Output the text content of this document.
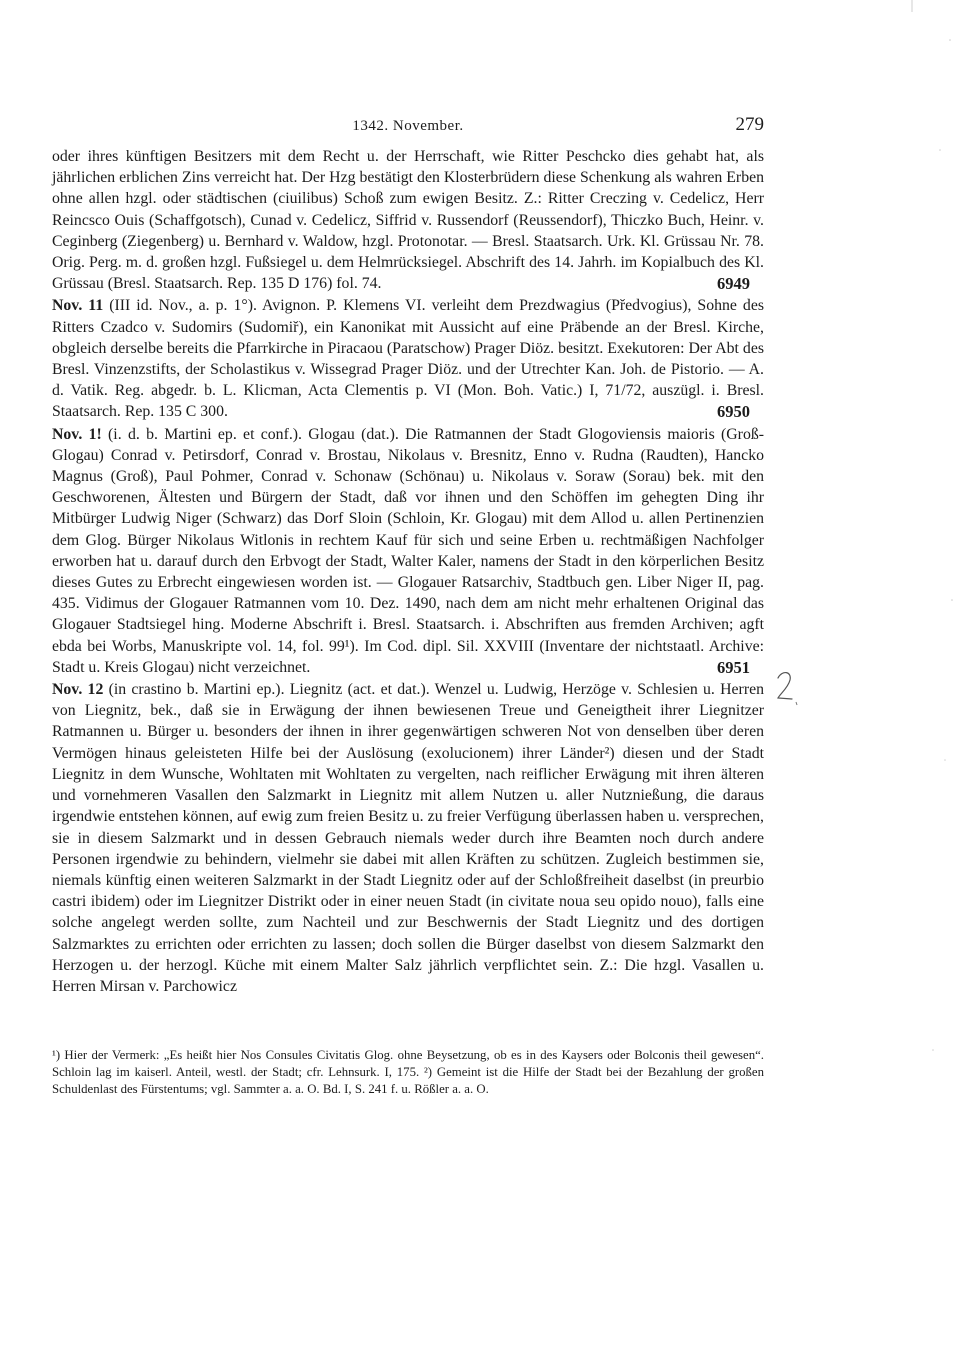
1342. November.	279

oder ihres künftigen Besitzers mit dem Recht u. der Herrschaft, wie Ritter Peschcko dies gehabt hat, als jährlichen erblichen Zins verreicht hat. Der Hzg bestätigt den Klosterbrüdern diese Schenkung als wahren Erben ohne allen hzgl. oder städtischen (ciuilibus) Schoß zum ewigen Besitz. Z.: Ritter Creczing v. Cedelicz, Herr Reincsco Ouis (Schaffgotsch), Cunad v. Cedelicz, Siffrid v. Russendorf (Reussendorf), Thiczko Buch, Heinr. v. Ceginberg (Ziegenberg) u. Bernhard v. Waldow, hzgl. Protonotar. — Bresl. Staatsarch. Urk. Kl. Grüssau Nr. 78. Orig. Perg. m. d. großen hzgl. Fußsiegel u. dem Helmrücksiegel. Abschrift des 14. Jahrh. im Kopialbuch des Kl. Grüssau (Bresl. Staatsarch. Rep. 135 D 176) fol. 74.	6949

Nov. 11 (III id. Nov., a. p. 1°). Avignon. P. Klemens VI. verleiht dem Prezdwagius (Předvogius), Sohne des Ritters Czadco v. Sudomirs (Sudomiř), ein Kanonikat mit Aussicht auf eine Präbende an der Bresl. Kirche, obgleich derselbe bereits die Pfarrkirche in Piracaou (Paratschow) Prager Diöz. besitzt. Exekutoren: Der Abt des Bresl. Vinzenzstifts, der Scholastikus v. Wissegrad Prager Diöz. und der Utrechter Kan. Joh. de Pistorio. — A. d. Vatik. Reg. abgedr. b. L. Klicman, Acta Clementis p. VI (Mon. Boh. Vatic.) I, 71/72, auszügl. i. Bresl. Staatsarch. Rep. 135 C 300.	6950

Nov. 1! (i. d. b. Martini ep. et conf.). Glogau (dat.). Die Ratmannen der Stadt Glogoviensis maioris (Groß-Glogau) Conrad v. Petirsdorf, Conrad v. Brostau, Nikolaus v. Bresnitz, Enno v. Rudna (Raudten), Hancko Magnus (Groß), Paul Pohmer, Conrad v. Schonaw (Schönau) u. Nikolaus v. Soraw (Sorau) bek. mit den Geschworenen, Ältesten und Bürgern der Stadt, daß vor ihnen und den Schöffen im gehegten Ding ihr Mitbürger Ludwig Niger (Schwarz) das Dorf Sloin (Schloin, Kr. Glogau) mit dem Allod u. allen Pertinenzien dem Glog. Bürger Nikolaus Witlonis in rechtem Kauf für sich und seine Erben u. rechtmäßigen Nachfolger erworben hat u. darauf durch den Erbvogt der Stadt, Walter Kaler, namens der Stadt in den körperlichen Besitz dieses Gutes zu Erbrecht eingewiesen worden ist. — Glogauer Ratsarchiv, Stadtbuch gen. Liber Niger II, pag. 435. Vidimus der Glogauer Ratmannen vom 10. Dez. 1490, nach dem am nicht mehr erhaltenen Original das Glogauer Stadtsiegel hing. Moderne Abschrift i. Bresl. Staatsarch. i. Abschriften aus fremden Archiven; agft ebda bei Worbs, Manuskripte vol. 14, fol. 99¹). Im Cod. dipl. Sil. XXVIII (Inventare der nichtstaatl. Archive: Stadt u. Kreis Glogau) nicht verzeichnet.	6951

Nov. 12 (in crastino b. Martini ep.). Liegnitz (act. et dat.). Wenzel u. Ludwig, Herzöge v. Schlesien u. Herren von Liegnitz, bek., daß sie in Erwägung der ihnen bewiesenen Treue und Geneigtheit ihrer Liegnitzer Ratmannen u. Bürger u. besonders der ihnen in ihrer gegenwärtigen schweren Not von denselben über deren Vermögen hinaus geleisteten Hilfe bei der Auslösung (exolucionem) ihrer Länder²) diesen und der Stadt Liegnitz in dem Wunsche, Wohltaten mit Wohltaten zu vergelten, nach reiflicher Erwägung mit ihren älteren und vornehmeren Vasallen den Salzmarkt in Liegnitz mit allem Nutzen u. aller Nutznießung, die daraus irgendwie entstehen können, auf ewig zum freien Besitz u. zu freier Verfügung überlassen haben u. versprechen, sie in diesem Salzmarkt und in dessen Gebrauch niemals weder durch ihre Beamten noch durch andere Personen irgendwie zu behindern, vielmehr sie dabei mit allen Kräften zu schützen. Zugleich bestimmen sie, niemals künftig einen weiteren Salzmarkt in der Stadt Liegnitz oder auf der Schloßfreiheit daselbst (in preurbio castri ibidem) oder im Liegnitzer Distrikt oder in einer neuen Stadt (in civitate noua seu opido nouo), falls eine solche angelegt werden sollte, zum Nachteil und zur Beschwernis der Stadt Liegnitz und des dortigen Salzmarktes zu errichten oder errichten zu lassen; doch sollen die Bürger daselbst von diesem Salzmarkt den Herzogen u. der herzogl. Küche mit einem Malter Salz jährlich verpflichtet sein. Z.: Die hzgl. Vasallen u. Herren Mirsan v. Parchowicz

¹) Hier der Vermerk: „Es heißt hier Nos Consules Civitatis Glog. ohne Beysetzung, ob es in des Kaysers oder Bolconis theil gewesen“. Schloin lag im kaiserl. Anteil, westl. der Stadt; cfr. Lehnsurk. I, 175. ²) Gemeint ist die Hilfe der Stadt bei der Bezahlung der großen Schuldenlast des Fürstentums; vgl. Sammter a. a. O. Bd. I, S. 241 f. u. Rößler a. a. O.
